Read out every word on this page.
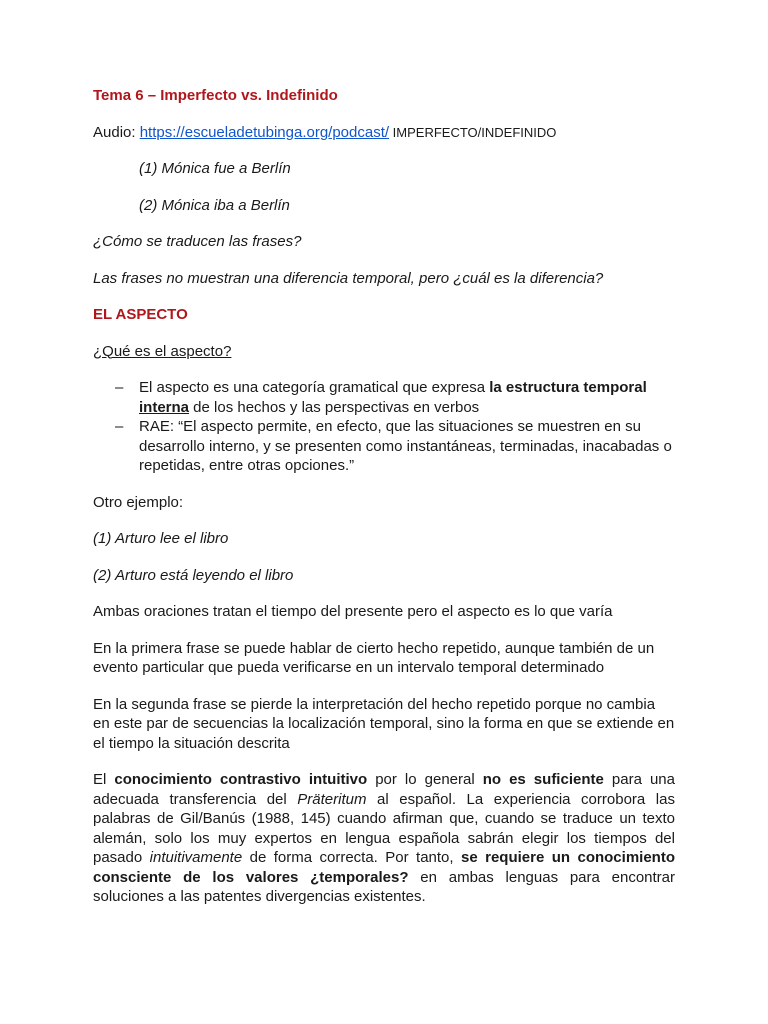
Tema 6 – Imperfecto vs. Indefinido

Audio: https://escueladetubinga.org/podcast/ IMPERFECTO/INDEFINIDO

(1) Mónica fue a Berlín

(2) Mónica iba a Berlín

¿Cómo se traducen las frases?

Las frases no muestran una diferencia temporal, pero ¿cuál es la diferencia?

EL ASPECTO

¿Qué es el aspecto?

– El aspecto es una categoría gramatical que expresa la estructura temporal interna de los hechos y las perspectivas en verbos
– RAE: “El aspecto permite, en efecto, que las situaciones se muestren en su desarrollo interno, y se presenten como instantáneas, terminadas, inacabadas o repetidas, entre otras opciones.”

Otro ejemplo:

(1) Arturo lee el libro

(2) Arturo está leyendo el libro

Ambas oraciones tratan el tiempo del presente pero el aspecto es lo que varía

En la primera frase se puede hablar de cierto hecho repetido, aunque también de un evento particular que pueda verificarse en un intervalo temporal determinado

En la segunda frase se pierde la interpretación del hecho repetido porque no cambia en este par de secuencias la localización temporal, sino la forma en que se extiende en el tiempo la situación descrita

El conocimiento contrastivo intuitivo por lo general no es suficiente para una adecuada transferencia del Präteritum al español. La experiencia corrobora las palabras de Gil/Banús (1988, 145) cuando afirman que, cuando se traduce un texto alemán, solo los muy expertos en lengua española sabrán elegir los tiempos del pasado intuitivamente de forma correcta. Por tanto, se requiere un conocimiento consciente de los valores ¿temporales? en ambas lenguas para encontrar soluciones a las patentes divergencias existentes.
